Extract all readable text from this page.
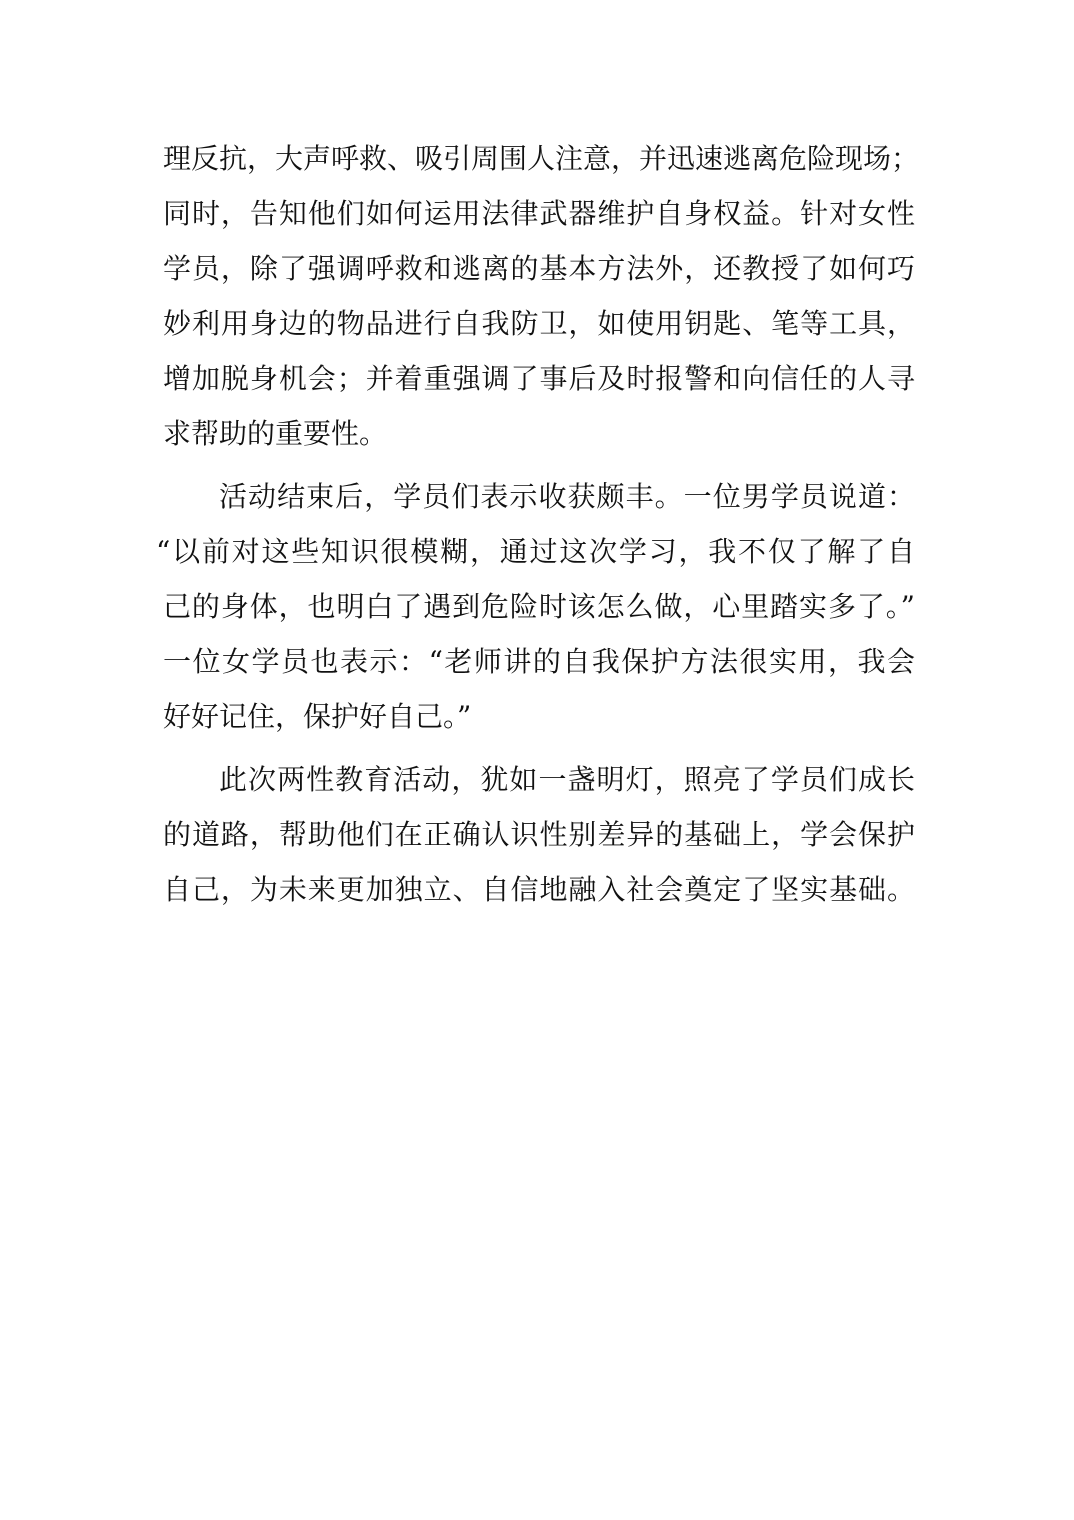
理反抗，大声呼救、吸引周围人注意，并迅速逃离危险现场；
同时，告知他们如何运用法律武器维护自身权益。针对女性
学员，除了强调呼救和逃离的基本方法外，还教授了如何巧
妙利用身边的物品进行自我防卫，如使用钥匙、笔等工具，
增加脱身机会；并着重强调了事后及时报警和向信任的人寻
求帮助的重要性。
活动结束后，学员们表示收获颇丰。一位男学员说道：
“以前对这些知识很模糊，通过这次学习，我不仅了解了自
己的身体，也明白了遇到危险时该怎么做，心里踏实多了。”
一位女学员也表示：“老师讲的自我保护方法很实用，我会
好好记住，保护好自己。”
此次两性教育活动，犹如一盏明灯，照亮了学员们成长
的道路，帮助他们在正确认识性别差异的基础上，学会保护
自己，为未来更加独立、自信地融入社会奠定了坚实基础。
